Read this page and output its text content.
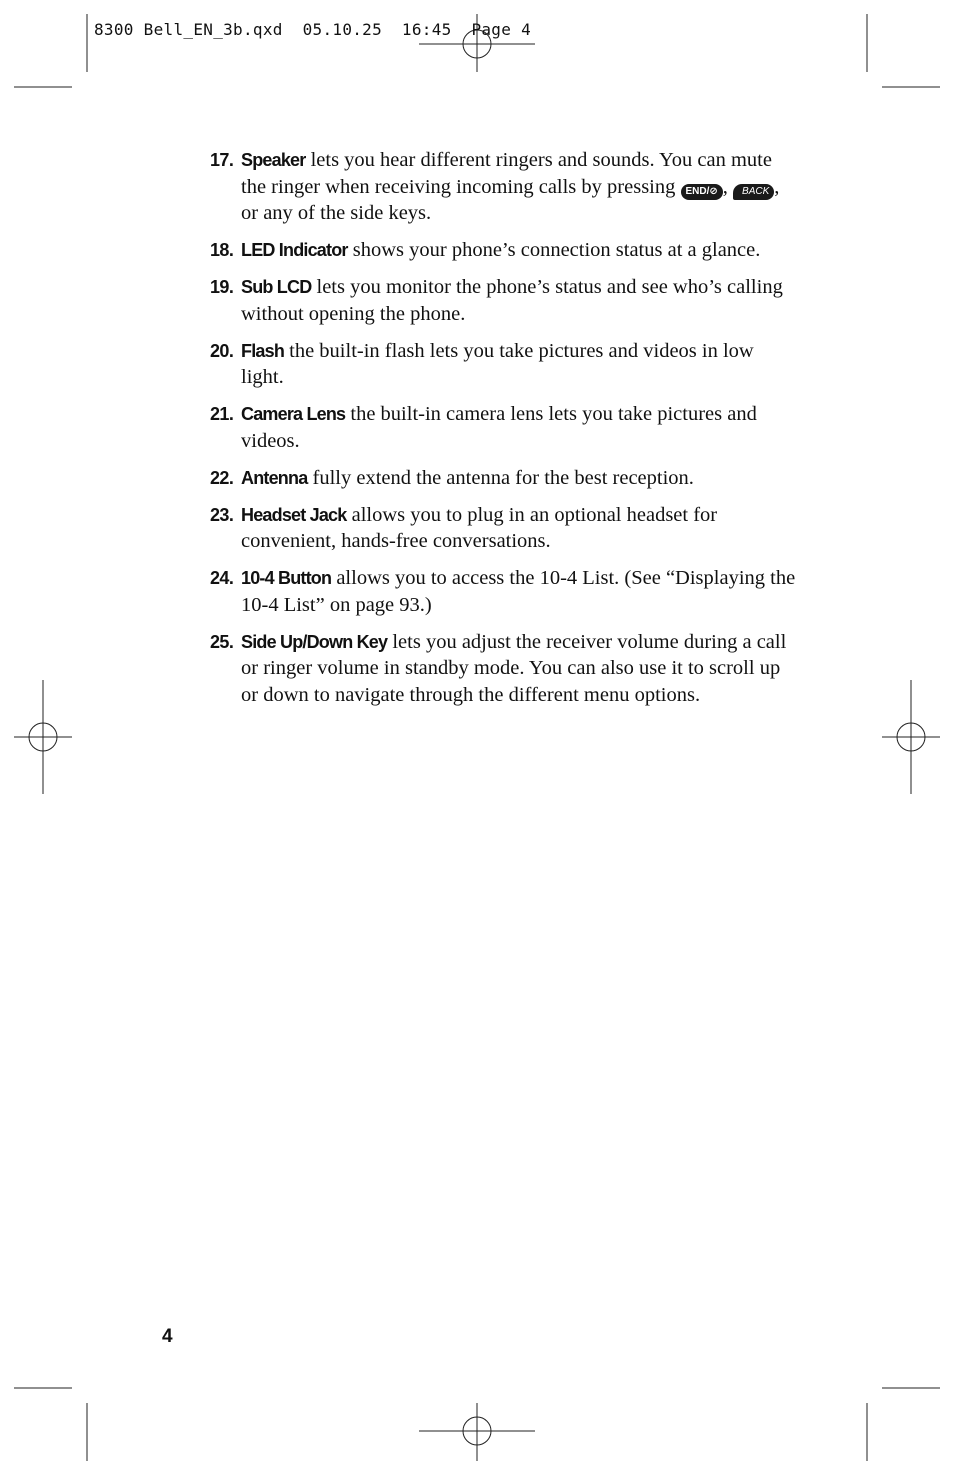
8300 Bell_EN_3b.qxd  05.10.25  16:45  Page 4
17. Speaker lets you hear different ringers and sounds. You can mute the ringer when receiving incoming calls by pressing END/⊘ , BACK , or any of the side keys.
18. LED Indicator shows your phone’s connection status at a glance.
19. Sub LCD lets you monitor the phone’s status and see who’s calling without opening the phone.
20. Flash the built-in flash lets you take pictures and videos in low light.
21. Camera Lens the built-in camera lens lets you take pictures and videos.
22. Antenna fully extend the antenna for the best reception.
23. Headset Jack allows you to plug in an optional headset for convenient, hands-free conversations.
24. 10-4 Button allows you to access the 10-4 List. (See “Displaying the 10-4 List” on page 93.)
25. Side Up/Down Key lets you adjust the receiver volume during a call or ringer volume in standby mode. You can also use it to scroll up or down to navigate through the different menu options.
4
